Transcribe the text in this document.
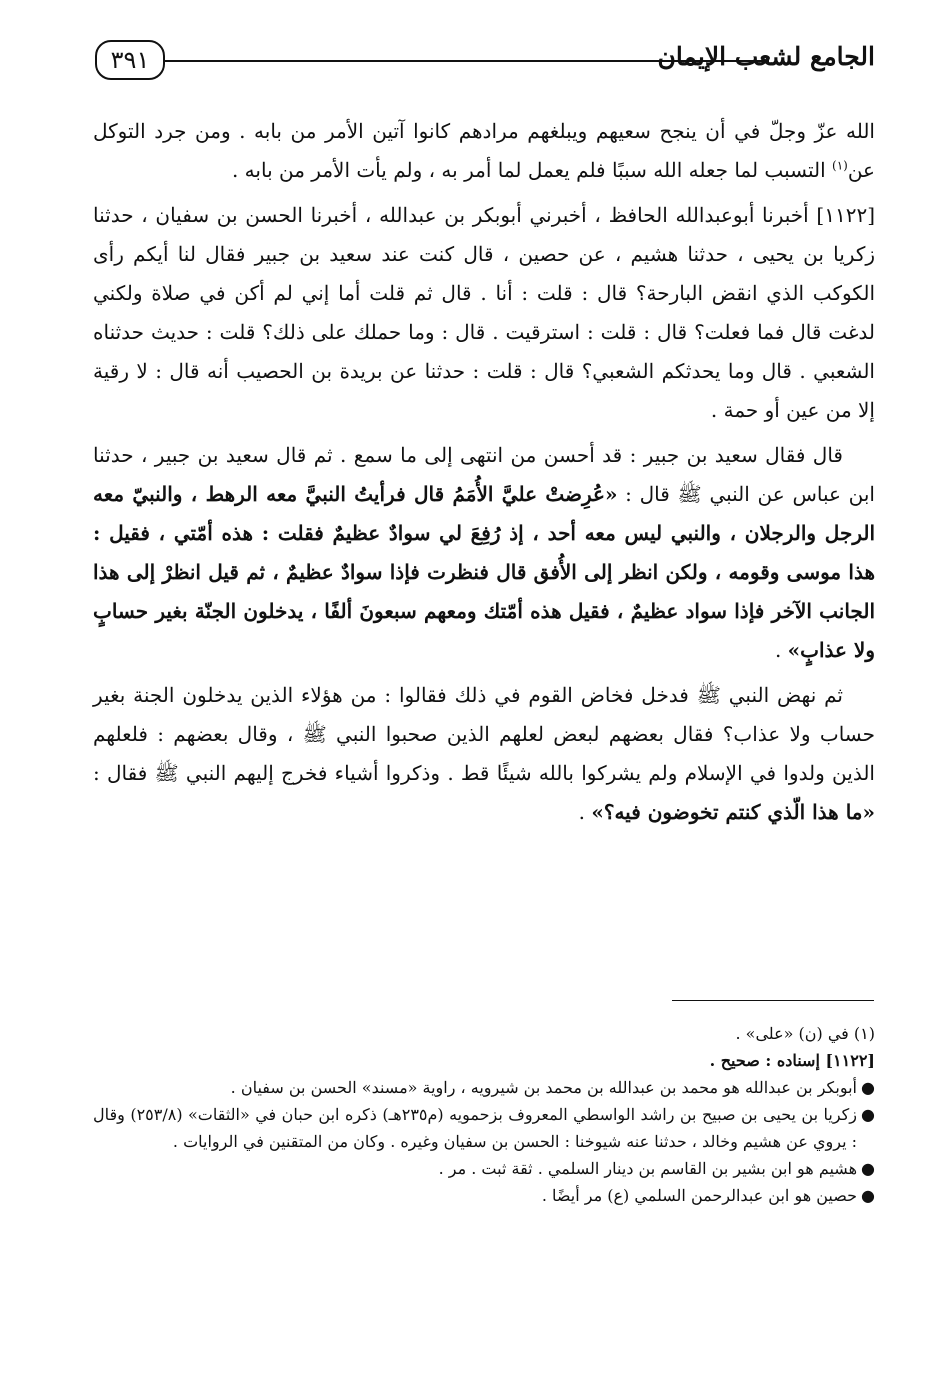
٣٩١	الجامع لشعب الإيمان

الله عزّ وجلّ في أن ينجح سعيهم ويبلغهم مرادهم كانوا آتين الأمر من بابه . ومن جرد التوكل عن$^{(١)}$ التسبب لما جعله الله سببًا فلم يعمل لما أمر به ، ولم يأت الأمر من بابه .

[١١٢٢] أخبرنا أبوعبدالله الحافظ ، أخبرني أبوبكر بن عبدالله ، أخبرنا الحسن بن سفيان ، حدثنا زكريا بن يحيى ، حدثنا هشيم ، عن حصين ، قال كنت عند سعيد بن جبير فقال لنا أيكم رأى الكوكب الذي انقض البارحة؟ قال : قلت : أنا . قال ثم قلت أما إني لم أكن في صلاة ولكني لدغت قال فما فعلت؟ قال : قلت : استرقيت . قال : وما حملك على ذلك؟ قلت : حديث حدثناه الشعبي . قال وما يحدثكم الشعبي؟ قال : قلت : حدثنا عن بريدة بن الحصيب أنه قال : لا رقية إلا من عين أو حمة .

قال فقال سعيد بن جبير : قد أحسن من انتهى إلى ما سمع . ثم قال سعيد بن جبير ، حدثنا ابن عباس عن النبي ﷺ قال : «عُرِضتْ عليَّ الأُمَمُ قال فرأيتُ النبيَّ معه الرهط ، والنبيّ معه الرجل والرجلان ، والنبي ليس معه أحد ، إذ رُفِعَ لي سوادٌ عظيمٌ فقلت : هذه أمّتي ، فقيل : هذا موسى وقومه ، ولكن انظر إلى الأُفق قال فنظرت فإذا سوادٌ عظيمٌ ، ثم قيل انظرْ إلى هذا الجانب الآخر فإذا سواد عظيمٌ ، فقيل هذه أمّتك ومعهم سبعونَ ألفًا ، يدخلون الجنّة بغير حسابٍ ولا عذابٍ» .

ثم نهض النبي ﷺ فدخل فخاض القوم في ذلك فقالوا : من هؤلاء الذين يدخلون الجنة بغير حساب ولا عذاب؟ فقال بعضهم لبعض لعلهم الذين صحبوا النبي ﷺ ، وقال بعضهم : فلعلهم الذين ولدوا في الإسلام ولم يشركوا بالله شيئًا قط . وذكروا أشياء فخرج إليهم النبي ﷺ فقال : «ما هذا الّذي كنتم تخوضون فيه؟» .

(١) في (ن) «على» .

[١١٢٢] إسناده : صحيح .

●
أبوبكر بن عبدالله هو محمد بن عبدالله بن محمد بن شيرويه ، راوية «مسند» الحسن بن سفيان .
●
زكريا بن يحيى بن صبيح بن راشد الواسطي المعروف بزحمويه (م٢٣٥هـ) ذكره ابن حبان في «الثقات» (٢٥٣/٨) وقال : يروي عن هشيم وخالد ، حدثنا عنه شيوخنا : الحسن بن سفيان وغيره . وكان من المتقنين في الروايات .
●
هشيم هو ابن بشير بن القاسم بن دينار السلمي . ثقة ثبت . مر .
●
حصين هو ابن عبدالرحمن السلمي (ع) مر أيضًا .
